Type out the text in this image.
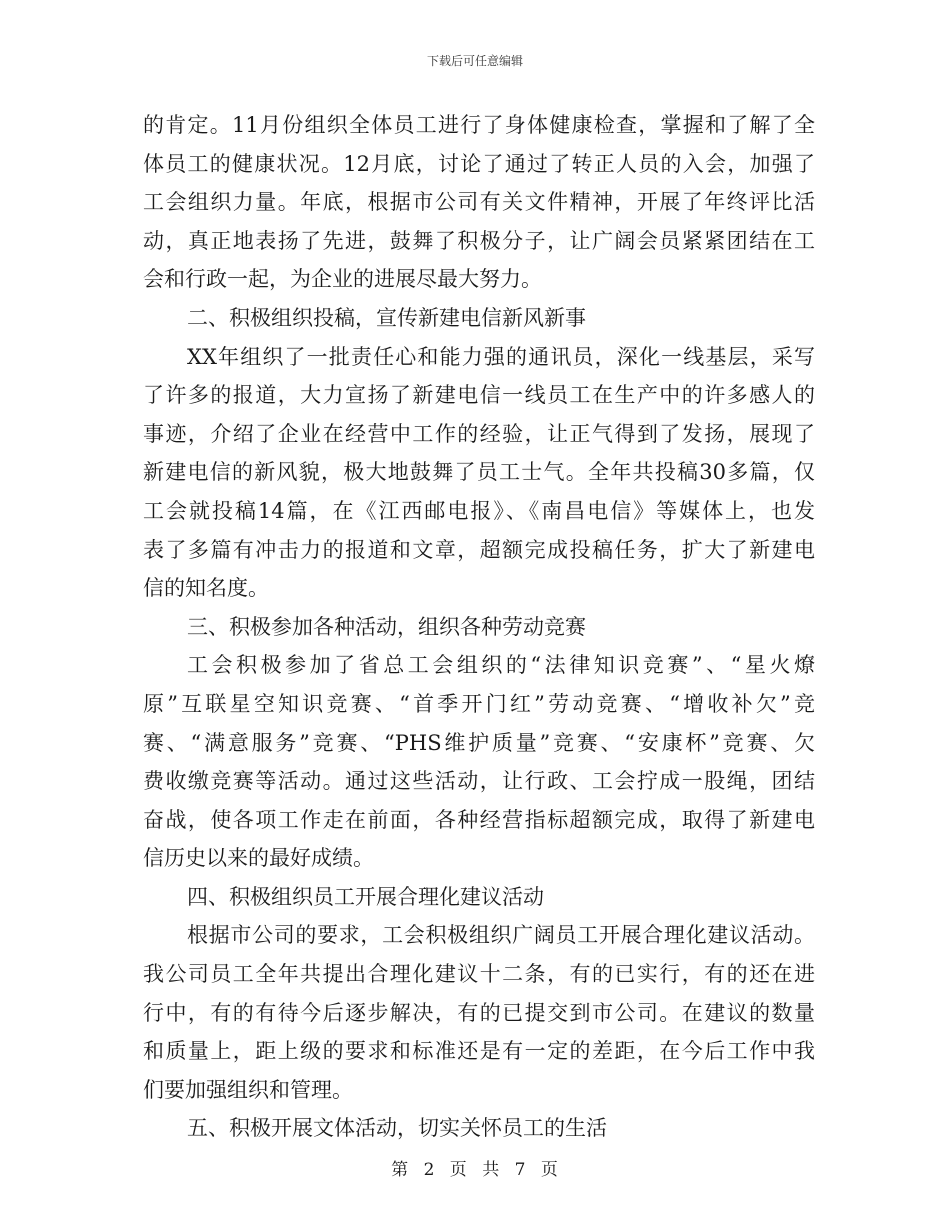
下载后可任意编辑
的肯定。11月份组织全体员工进行了身体健康检查，掌握和了解了全
体员工的健康状况。12月底，讨论了通过了转正人员的入会，加强了
工会组织力量。年底，根据市公司有关文件精神，开展了年终评比活
动，真正地表扬了先进，鼓舞了积极分子，让广阔会员紧紧团结在工
会和行政一起，为企业的进展尽最大努力。
二、积极组织投稿，宣传新建电信新风新事
XX年组织了一批责任心和能力强的通讯员，深化一线基层，采写
了许多的报道，大力宣扬了新建电信一线员工在生产中的许多感人的
事迹，介绍了企业在经营中工作的经验，让正气得到了发扬，展现了
新建电信的新风貌，极大地鼓舞了员工士气。全年共投稿30多篇，仅
工会就投稿14篇，在《江西邮电报》、《南昌电信》等媒体上，也发
表了多篇有冲击力的报道和文章，超额完成投稿任务，扩大了新建电
信的知名度。
三、积极参加各种活动，组织各种劳动竞赛
工会积极参加了省总工会组织的“法律知识竞赛”、“星火燎
原”互联星空知识竞赛、“首季开门红”劳动竞赛、“增收补欠”竞
赛、“满意服务”竞赛、“PHS维护质量”竞赛、“安康杯”竞赛、欠
费收缴竞赛等活动。通过这些活动，让行政、工会拧成一股绳，团结
奋战，使各项工作走在前面，各种经营指标超额完成，取得了新建电
信历史以来的最好成绩。
四、积极组织员工开展合理化建议活动
根据市公司的要求，工会积极组织广阔员工开展合理化建议活动。
我公司员工全年共提出合理化建议十二条，有的已实行，有的还在进
行中，有的有待今后逐步解决，有的已提交到市公司。在建议的数量
和质量上，距上级的要求和标准还是有一定的差距，在今后工作中我
们要加强组织和管理。
五、积极开展文体活动，切实关怀员工的生活
第 2 页 共 7 页
